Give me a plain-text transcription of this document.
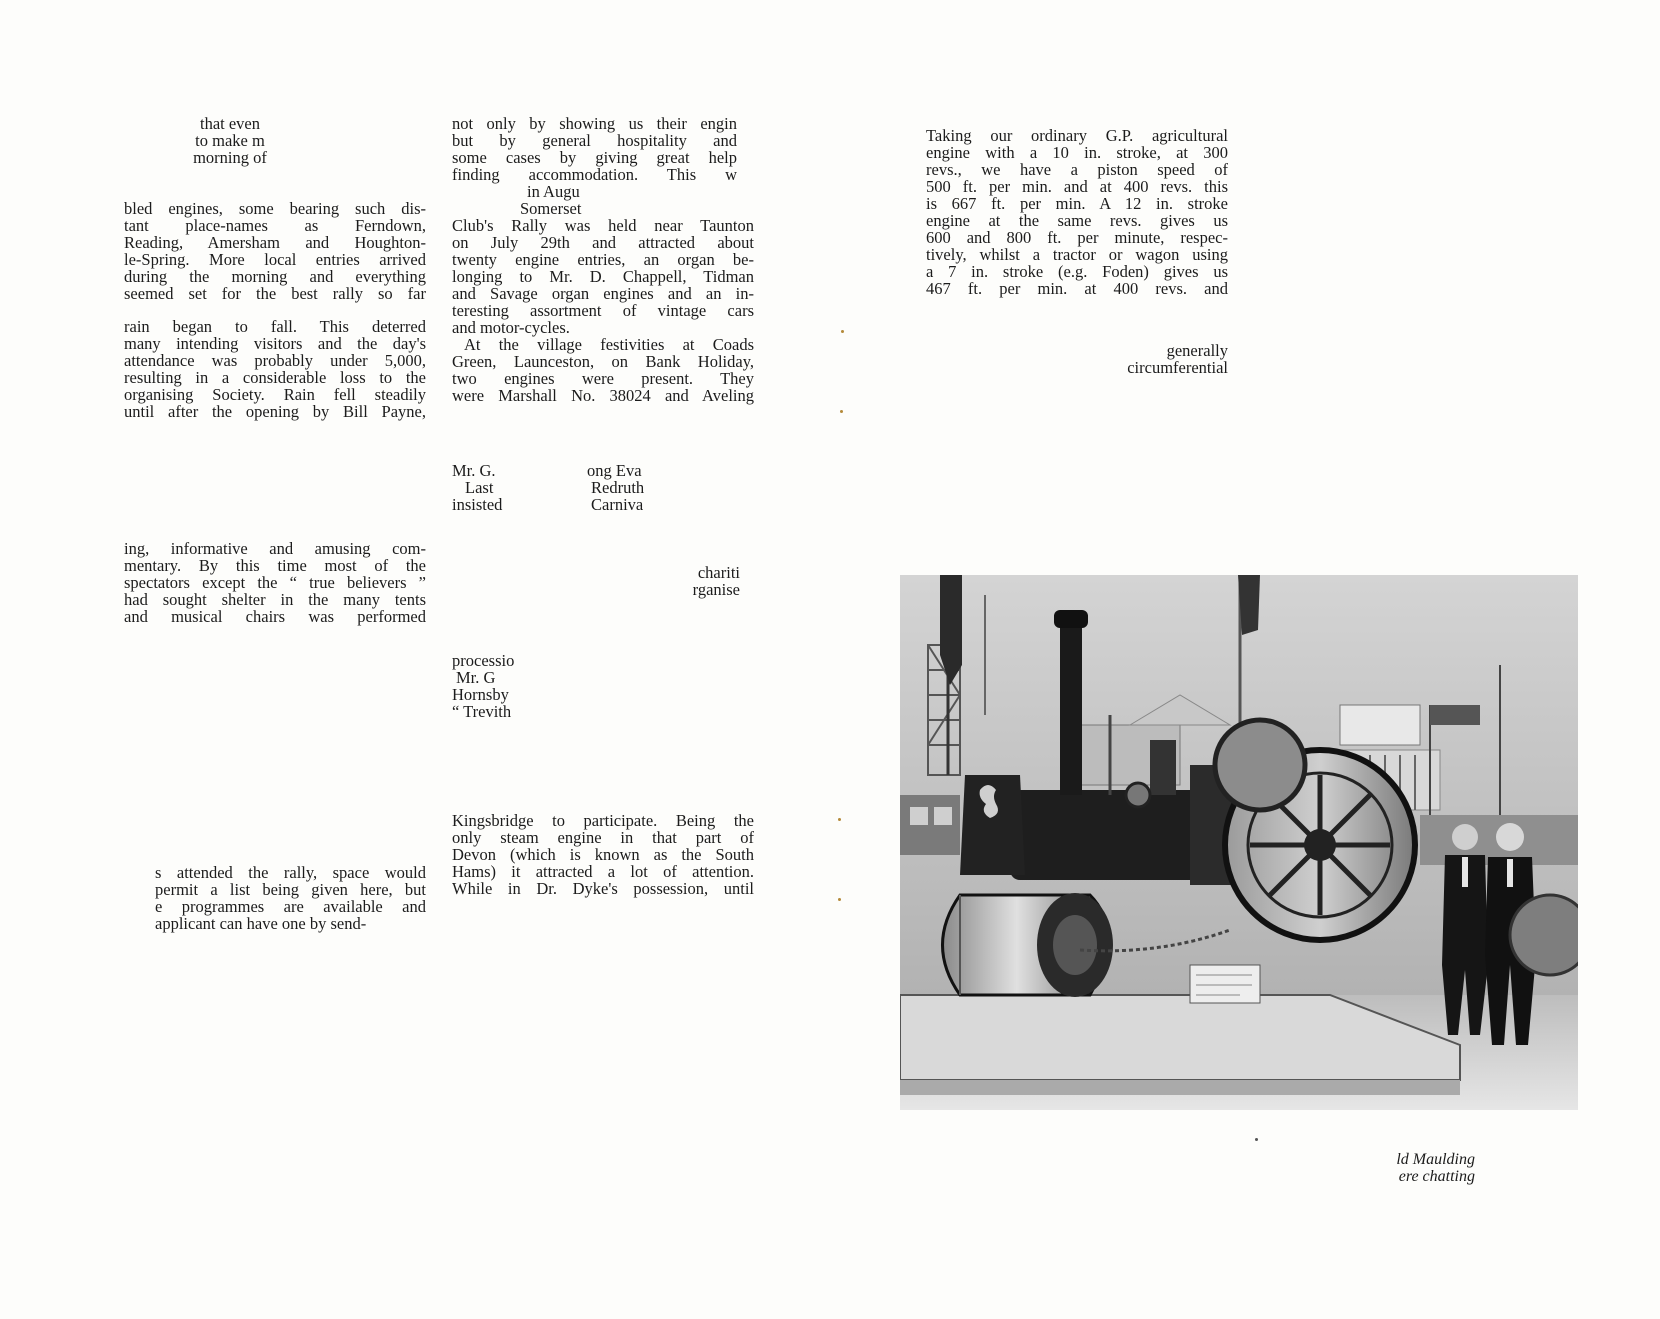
that even
to make m
morning of
bled engines, some bearing such dis-
tant place-names as Ferndown,
Reading, Amersham and Houghton-
le-Spring. More local entries arrived
during the morning and everything
seemed set for the best rally so far
rain began to fall. This deterred
many intending visitors and the day's
attendance was probably under 5,000,
resulting in a considerable loss to the
organising Society. Rain fell steadily
until after the opening by Bill Payne,
ing, informative and amusing com-
mentary. By this time most of the
spectators except the “ true believers ”
had sought shelter in the many tents
and musical chairs was performed
s attended the rally, space would
permit a list being given here, but
e programmes are available and
applicant can have one by send-
not only by showing us their engin
but by general hospitality and
some cases by giving great help
finding accommodation. This w
in Augu
Somerset
Club's Rally was held near Taunton
on July 29th and attracted about
twenty engine entries, an organ be-
longing to Mr. D. Chappell, Tidman
and Savage organ engines and an in-
teresting assortment of vintage cars
and motor-cycles.
At the village festivities at Coads
Green, Launceston, on Bank Holiday,
two engines were present. They
were Marshall No. 38024 and Aveling
Mr. G.
Last
insisted
ong Eva
Redruth
Carniva
chariti
rganise
processio
Mr. G
Hornsby
“ Trevith
Kingsbridge to participate. Being the
only steam engine in that part of
Devon (which is known as the South
Hams) it attracted a lot of attention.
While in Dr. Dyke's possession, until
Taking our ordinary G.P. agricultural
engine with a 10 in. stroke, at 300
revs., we have a piston speed of
500 ft. per min. and at 400 revs. this
is 667 ft. per min. A 12 in. stroke
engine at the same revs. gives us
600 and 800 ft. per minute, respec-
tively, whilst a tractor or wagon using
a 7 in. stroke (e.g. Foden) gives us
467 ft. per min. at 400 revs. and
generally
circumferential
ld Maulding
ere chatting
